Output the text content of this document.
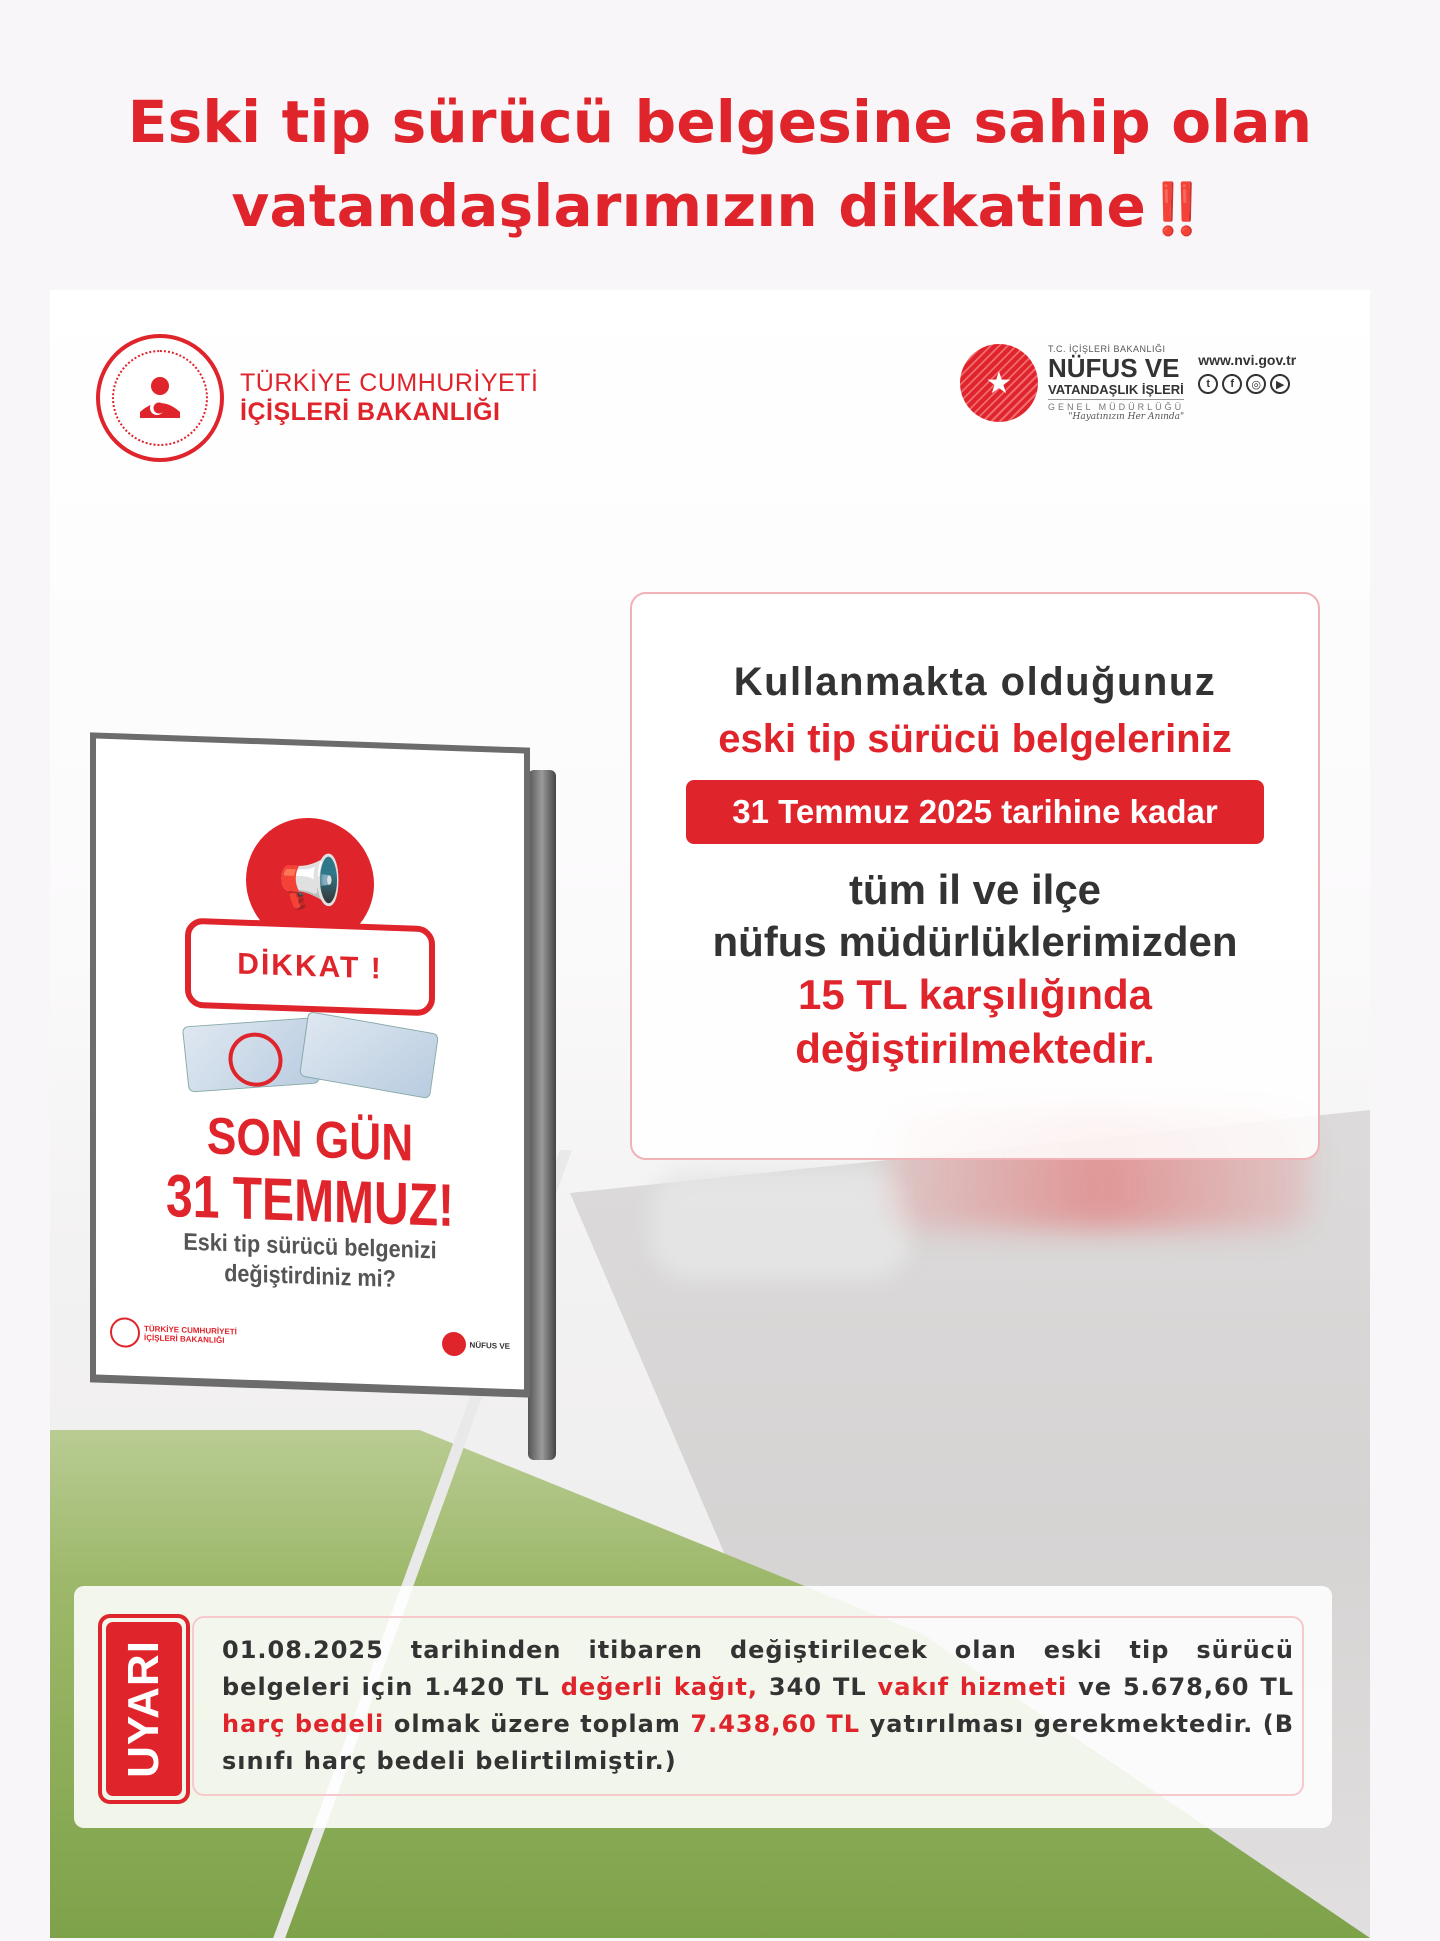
Eski tip sürücü belgesine sahip olan
vatandaşlarımızın dikkatine‼️
TÜRKİYE CUMHURİYETİ
İÇİŞLERİ BAKANLIĞI
★
T.C. İÇİŞLERİ BAKANLIĞI
NÜFUS VE
VATANDAŞLIK İŞLERİ
GENEL MÜDÜRLÜĞÜ
"Hayatınızın Her Anında"
www.nvi.gov.tr
t	f	◎	▶
📢
DİKKAT !
SON GÜN
31 TEMMUZ!
Eski tip sürücü belgenizi
değiştirdiniz mi?
TÜRKİYE CUMHURİYETİ İÇİŞLERİ BAKANLIĞI
NÜFUS VE
Kullanmakta olduğunuz
eski tip sürücü belgeleriniz
31 Temmuz 2025 tarihine kadar
tüm il ve ilçe
nüfus müdürlüklerimizden
15 TL karşılığında
değiştirilmektedir.
UYARI	01.08.2025 tarihinden itibaren değiştirilecek olan eski tip sürücü belgeleri için 1.420 TL değerli kağıt, 340 TL vakıf hizmeti ve 5.678,60 TL harç bedeli olmak üzere toplam 7.438,60 TL yatırılması gerekmektedir. (B sınıfı harç bedeli belirtilmiştir.)
